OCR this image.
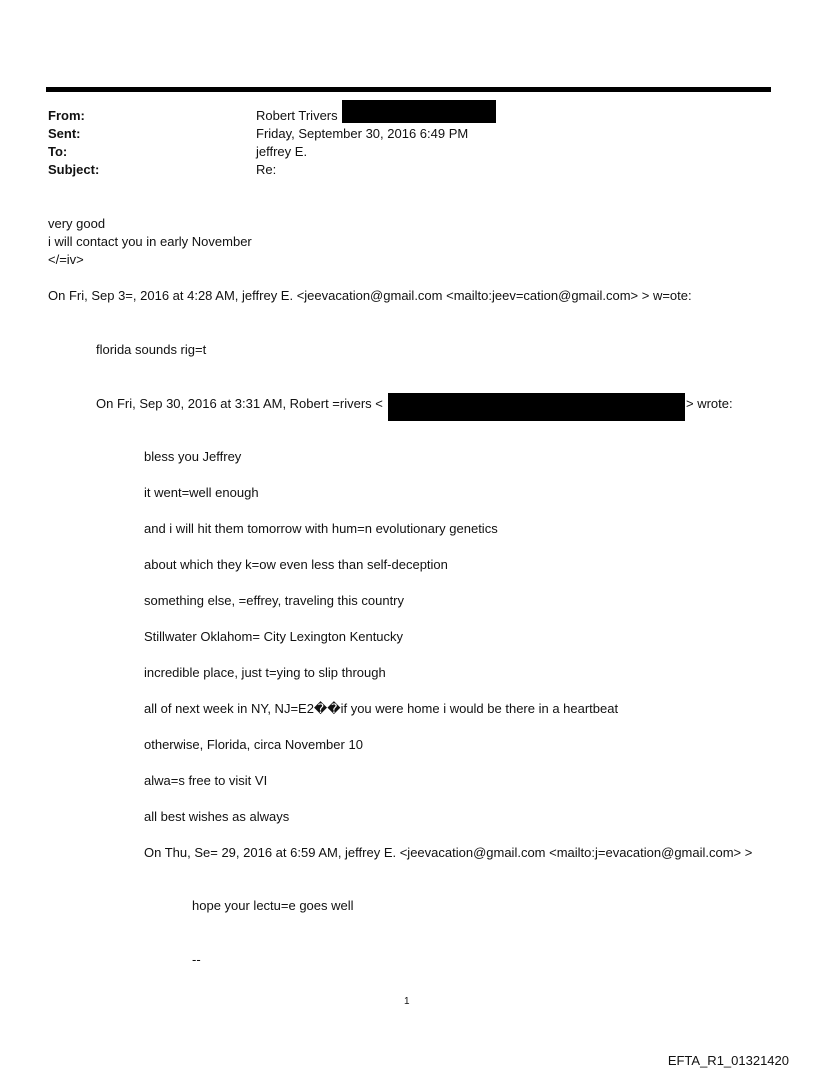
From:	Robert Trivers
Sent:	Friday, September 30, 2016 6:49 PM
To:	jeffrey E.
Subject:	Re:
very good
i will contact you in early November
</=iv>
On Fri, Sep 3=, 2016 at 4:28 AM, jeffrey E. <jeevacation@gmail.com <mailto:jeev=cation@gmail.com> > w=ote:
florida sounds rig=t
On Fri, Sep 30, 2016 at 3:31 AM, Robert =rivers <	> wrote:
bless you Jeffrey
it went=well enough
and i will hit them tomorrow with hum=n evolutionary genetics
about which they k=ow even less than self-deception
something else, =effrey, traveling this country
Stillwater Oklahom= City Lexington Kentucky
incredible place, just t=ying to slip through
all of next week in NY, NJ=E2��if you were home i would be there in a heartbeat
otherwise, Florida, circa November 10
alwa=s free to visit VI
all best wishes as always
On Thu, Se= 29, 2016 at 6:59 AM, jeffrey E. <jeevacation@gmail.com <mailto:j=evacation@gmail.com> >
hope your lectu=e goes well
--
1
EFTA_R1_01321420
